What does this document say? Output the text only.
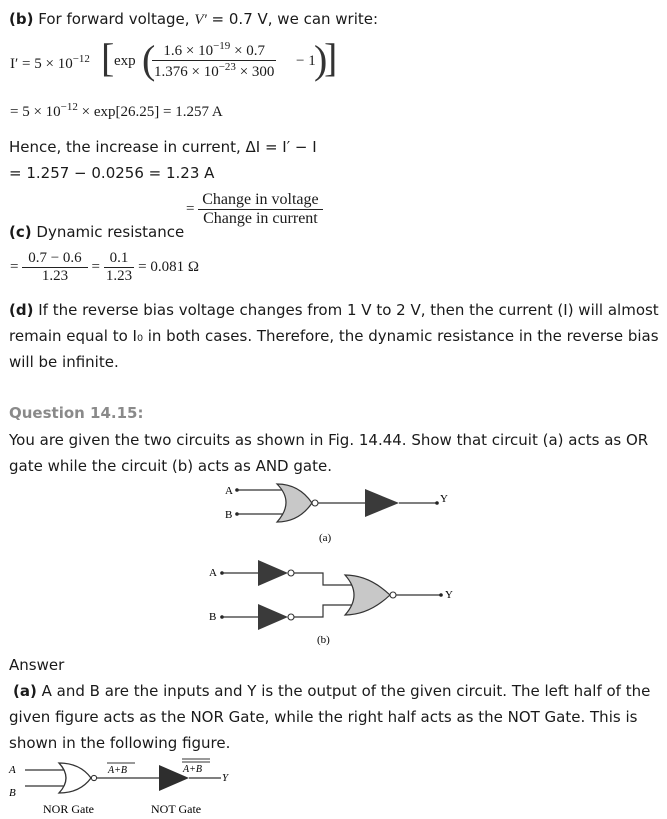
(b) For forward voltage, V′ = 0.7 V, we can write:
$I' = 5 \times 10^{-12}$ [ exp (
$\frac{1.6 \times 10^{-19} \times 0.7}{1.376 \times 10^{-23} \times 300} - 1$
)
]
= $5 \times 10^{-12} \times \exp[26.25] = 1.257$ A
Hence, the increase in current, ΔI = I′ − I
= 1.257 − 0.0256 = 1.23 A
= $\frac{\text{Change in voltage}}{\text{Change in current}}$
(c) Dynamic resistance
= $\frac{0.7 - 0.6}{1.23} = \frac{0.1}{1.23} = 0.081$ Ω
(d) If the reverse bias voltage changes from 1 V to 2 V, then the current (I) will almost
remain equal to I₀ in both cases. Therefore, the dynamic resistance in the reverse bias
will be infinite.
Question 14.15:
You are given the two circuits as shown in Fig. 14.44. Show that circuit (a) acts as OR
gate while the circuit (b) acts as AND gate.
A
B
Y
(a)
A
B
Y
(b)
Answer
(a) A and B are the inputs and Y is the output of the given circuit. The left half of the
given figure acts as the NOR Gate, while the right half acts as the NOT Gate. This is
shown in the following figure.
A
B
A+B	A+B
Y
NOR Gate	NOT Gate
